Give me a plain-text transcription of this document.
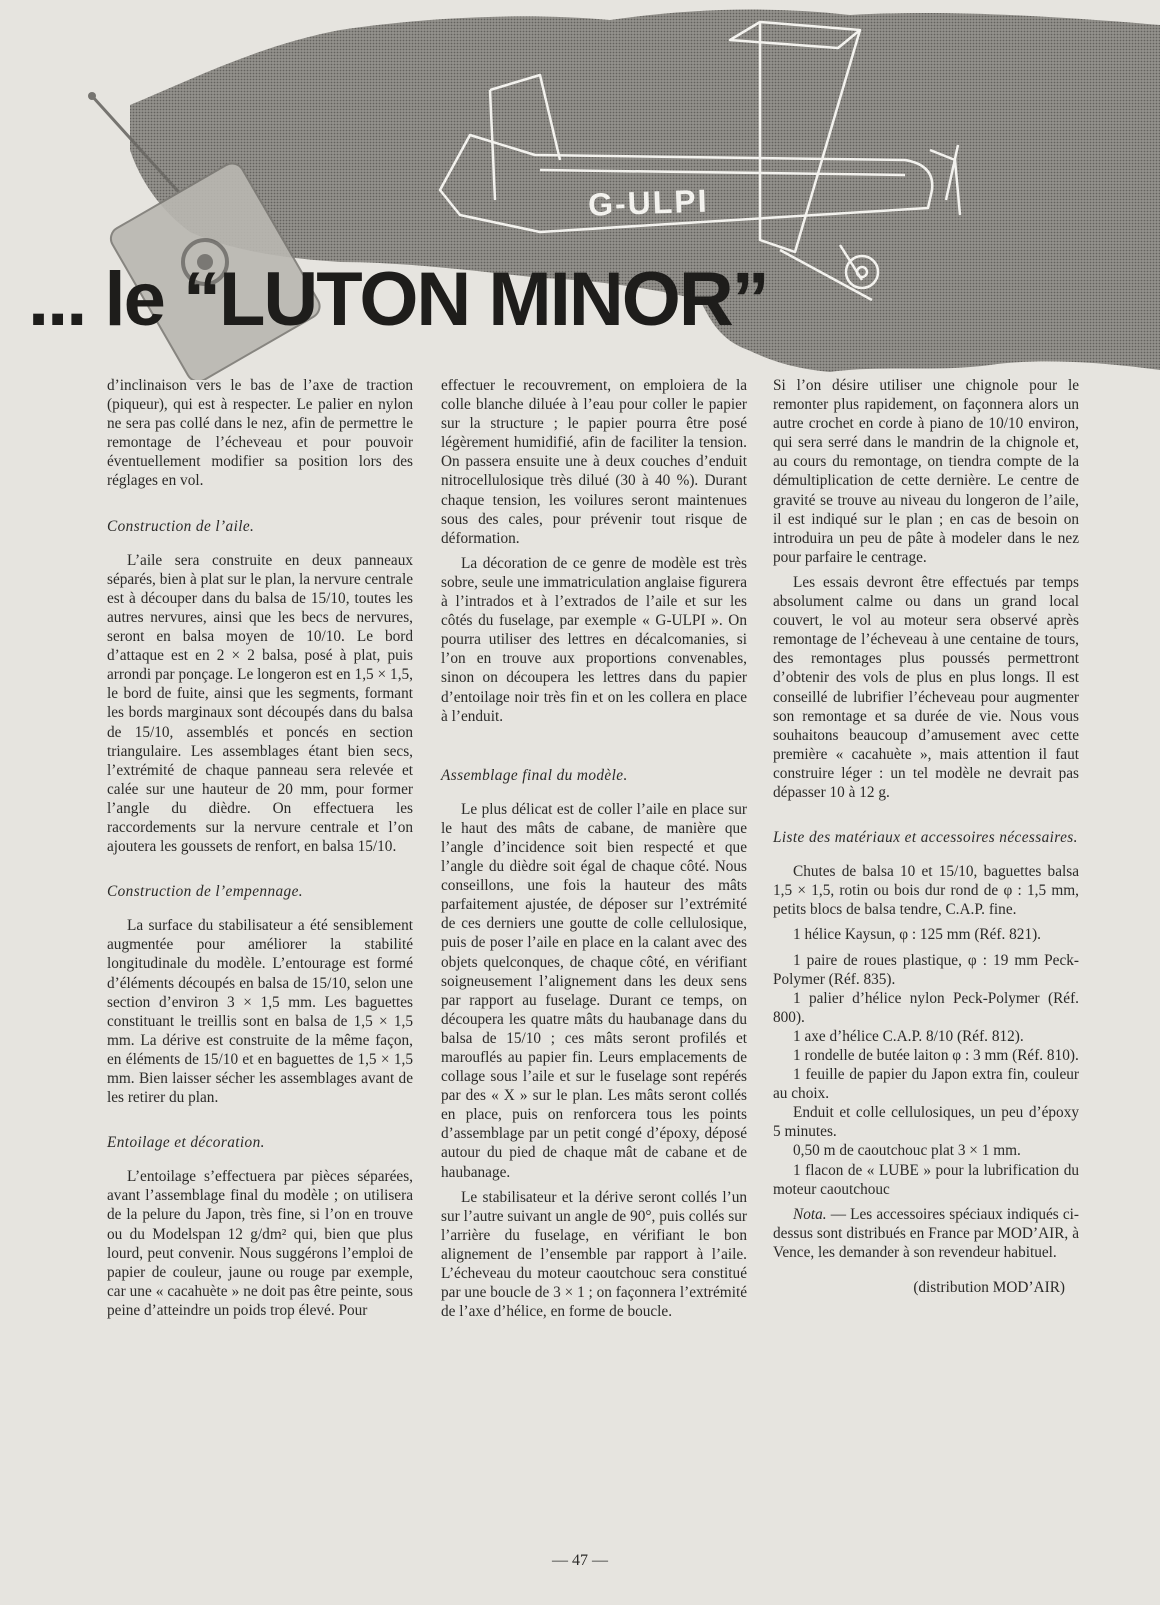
G-ULPI
... le “LUTON MINOR”

d’inclinaison vers le bas de l’axe de traction (piqueur), qui est à respecter. Le palier en nylon ne sera pas collé dans le nez, afin de permettre le remontage de l’écheveau et pour pouvoir éventuellement modifier sa position lors des réglages en vol.

Construction de l’aile.

L’aile sera construite en deux panneaux séparés, bien à plat sur le plan, la nervure centrale est à découper dans du balsa de 15/10, toutes les autres nervures, ainsi que les becs de nervures, seront en balsa moyen de 10/10. Le bord d’attaque est en 2 × 2 balsa, posé à plat, puis arrondi par ponçage. Le longeron est en 1,5 × 1,5, le bord de fuite, ainsi que les segments, formant les bords marginaux sont découpés dans du balsa de 15/10, assemblés et poncés en section triangulaire. Les assemblages étant bien secs, l’extrémité de chaque panneau sera relevée et calée sur une hauteur de 20 mm, pour former l’angle du dièdre. On effectuera les raccordements sur la nervure centrale et l’on ajoutera les goussets de renfort, en balsa 15/10.

Construction de l’empennage.

La surface du stabilisateur a été sensiblement augmentée pour améliorer la stabilité longitudinale du modèle. L’entourage est formé d’éléments découpés en balsa de 15/10, selon une section d’environ 3 × 1,5 mm. Les baguettes constituant le treillis sont en balsa de 1,5 × 1,5 mm. La dérive est construite de la même façon, en éléments de 15/10 et en baguettes de 1,5 × 1,5 mm. Bien laisser sécher les assemblages avant de les retirer du plan.

Entoilage et décoration.

L’entoilage s’effectuera par pièces séparées, avant l’assemblage final du modèle ; on utilisera de la pelure du Japon, très fine, si l’on en trouve ou du Modelspan 12 g/dm² qui, bien que plus lourd, peut convenir. Nous suggérons l’emploi de papier de couleur, jaune ou rouge par exemple, car une « cacahuète » ne doit pas être peinte, sous peine d’atteindre un poids trop élevé. Pour

effectuer le recouvrement, on emploiera de la colle blanche diluée à l’eau pour coller le papier sur la structure ; le papier pourra être posé légèrement humidifié, afin de faciliter la tension. On passera ensuite une à deux couches d’enduit nitrocellulosique très dilué (30 à 40 %). Durant chaque tension, les voilures seront maintenues sous des cales, pour prévenir tout risque de déformation.

La décoration de ce genre de modèle est très sobre, seule une immatriculation anglaise figurera à l’intrados et à l’extrados de l’aile et sur les côtés du fuselage, par exemple « G-ULPI ». On pourra utiliser des lettres en décalcomanies, si l’on en trouve aux proportions convenables, sinon on découpera les lettres dans du papier d’entoilage noir très fin et on les collera en place à l’enduit.

Assemblage final du modèle.

Le plus délicat est de coller l’aile en place sur le haut des mâts de cabane, de manière que l’angle d’incidence soit bien respecté et que l’angle du dièdre soit égal de chaque côté. Nous conseillons, une fois la hauteur des mâts parfaitement ajustée, de déposer sur l’extrémité de ces derniers une goutte de colle cellulosique, puis de poser l’aile en place en la calant avec des objets quelconques, de chaque côté, en vérifiant soigneusement l’alignement dans les deux sens par rapport au fuselage. Durant ce temps, on découpera les quatre mâts du haubanage dans du balsa de 15/10 ; ces mâts seront profilés et marouflés au papier fin. Leurs emplacements de collage sous l’aile et sur le fuselage sont repérés par des « X » sur le plan. Les mâts seront collés en place, puis on renforcera tous les points d’assemblage par un petit congé d’époxy, déposé autour du pied de chaque mât de cabane et de haubanage.

Le stabilisateur et la dérive seront collés l’un sur l’autre suivant un angle de 90°, puis collés sur l’arrière du fuselage, en vérifiant le bon alignement de l’ensemble par rapport à l’aile. L’écheveau du moteur caoutchouc sera constitué par une boucle de 3 × 1 ; on façonnera l’extrémité de l’axe d’hélice, en forme de boucle.

Si l’on désire utiliser une chignole pour le remonter plus rapidement, on façonnera alors un autre crochet en corde à piano de 10/10 environ, qui sera serré dans le mandrin de la chignole et, au cours du remontage, on tiendra compte de la démultiplication de cette dernière. Le centre de gravité se trouve au niveau du longeron de l’aile, il est indiqué sur le plan ; en cas de besoin on introduira un peu de pâte à modeler dans le nez pour parfaire le centrage.

Les essais devront être effectués par temps absolument calme ou dans un grand local couvert, le vol au moteur sera observé après remontage de l’écheveau à une centaine de tours, des remontages plus poussés permettront d’obtenir des vols de plus en plus longs. Il est conseillé de lubrifier l’écheveau pour augmenter son remontage et sa durée de vie. Nous vous souhaitons beaucoup d’amusement avec cette première « cacahuète », mais attention il faut construire léger : un tel modèle ne devrait pas dépasser 10 à 12 g.

Liste des matériaux et accessoires nécessaires.

Chutes de balsa 10 et 15/10, baguettes balsa 1,5 × 1,5, rotin ou bois dur rond de φ : 1,5 mm, petits blocs de balsa tendre, C.A.P. fine.

1 hélice Kaysun, φ : 125 mm (Réf. 821).

1 paire de roues plastique, φ : 19 mm Peck-Polymer (Réf. 835).

1 palier d’hélice nylon Peck-Polymer (Réf. 800).

1 axe d’hélice C.A.P. 8/10 (Réf. 812).

1 rondelle de butée laiton φ : 3 mm (Réf. 810).

1 feuille de papier du Japon extra fin, couleur au choix.

Enduit et colle cellulosiques, un peu d’époxy 5 minutes.

0,50 m de caoutchouc plat 3 × 1 mm.

1 flacon de « LUBE » pour la lubrification du moteur caoutchouc

Nota. — Les accessoires spéciaux indiqués ci-dessus sont distribués en France par MOD’AIR, à Vence, les demander à son revendeur habituel.

(distribution MOD’AIR)

— 47 —
